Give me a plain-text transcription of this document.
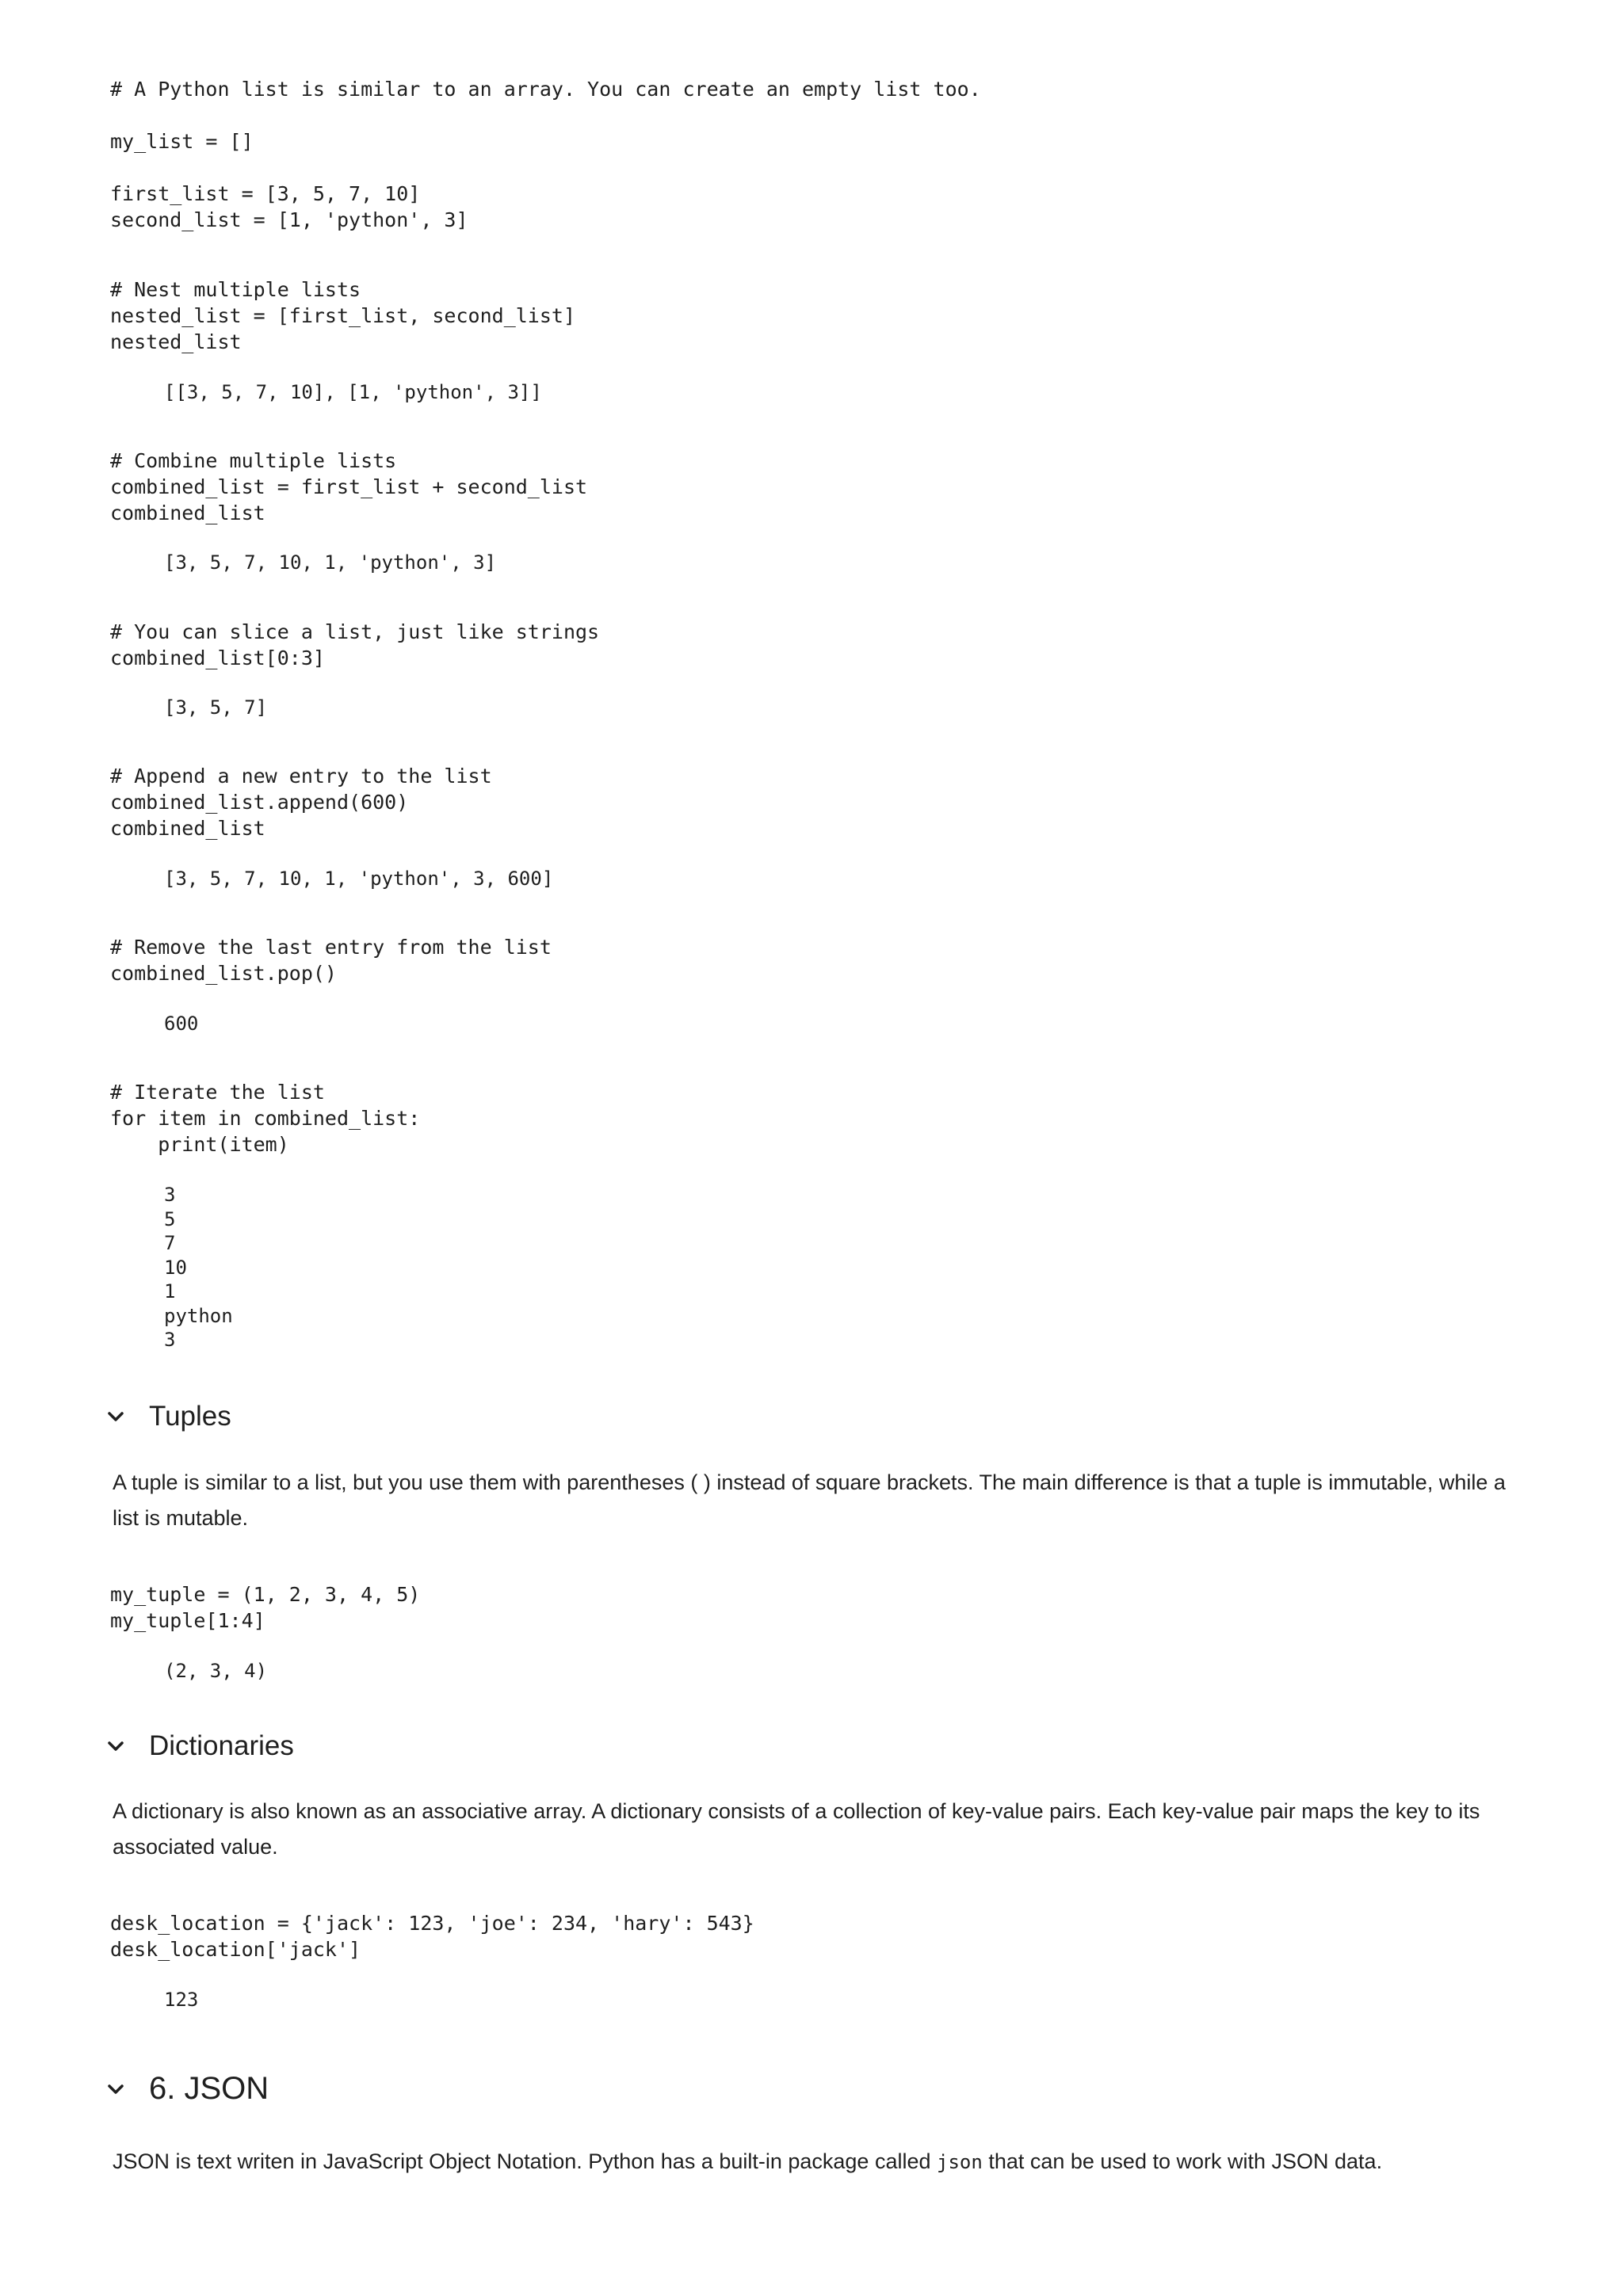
# A Python list is similar to an array. You can create an empty list too.

my_list = []

first_list = [3, 5, 7, 10]
second_list = [1, 'python', 3]
# Nest multiple lists
nested_list = [first_list, second_list]
nested_list
[[3, 5, 7, 10], [1, 'python', 3]]
# Combine multiple lists
combined_list = first_list + second_list
combined_list
[3, 5, 7, 10, 1, 'python', 3]
# You can slice a list, just like strings
combined_list[0:3]
[3, 5, 7]
# Append a new entry to the list
combined_list.append(600)
combined_list
[3, 5, 7, 10, 1, 'python', 3, 600]
# Remove the last entry from the list
combined_list.pop()
600
# Iterate the list
for item in combined_list:
print(item)
3
5
7
10
1
python
3
Tuples

A tuple is similar to a list, but you use them with parentheses ( ) instead of square brackets. The main difference is that a tuple is immutable, while a list is mutable.

my_tuple = (1, 2, 3, 4, 5)
my_tuple[1:4]
(2, 3, 4)
Dictionaries

A dictionary is also known as an associative array. A dictionary consists of a collection of key-value pairs. Each key-value pair maps the key to its associated value.

desk_location = {'jack': 123, 'joe': 234, 'hary': 543}
desk_location['jack']
123
6. JSON

JSON is text writen in JavaScript Object Notation. Python has a built-in package called json that can be used to work with JSON data.
